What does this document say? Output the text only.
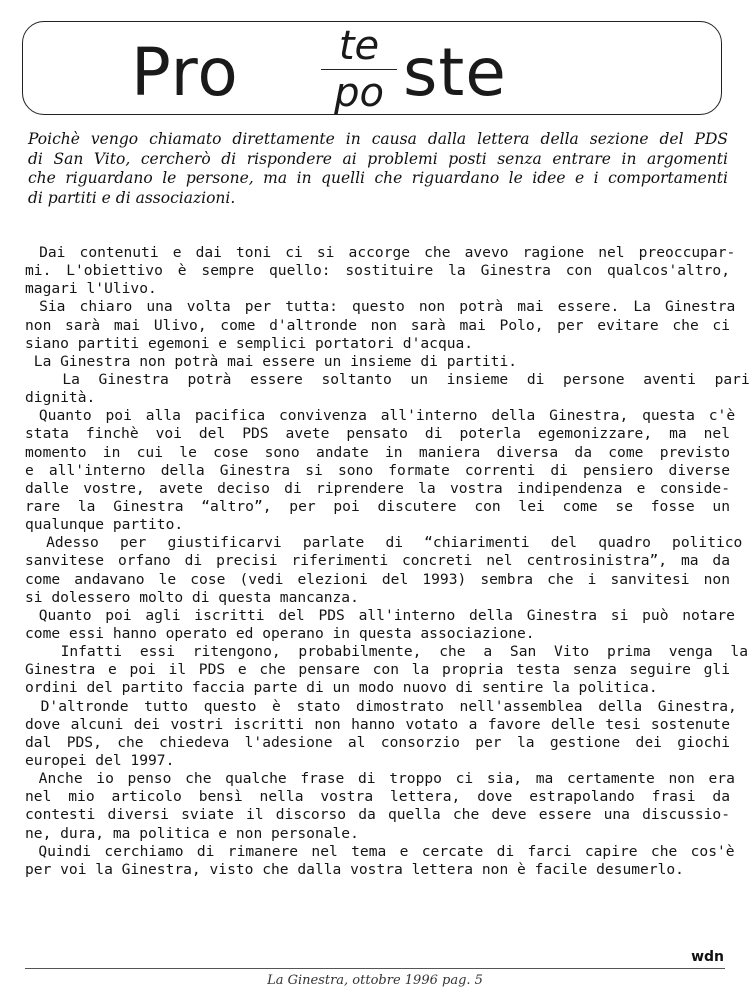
Pro	te
po ste
Poichè vengo chiamato direttamente in causa dalla lettera della sezione del PDS
di San Vito, cercherò di rispondere ai problemi posti senza entrare in argomenti
che riguardano le persone, ma in quelli che riguardano le idee e i comportamenti
di partiti e di associazioni.
Dai contenuti e dai toni ci si accorge che avevo ragione nel preoccupar-
mi. L'obiettivo è sempre quello: sostituire la Ginestra con qualcos'altro,
magari l'Ulivo.
Sia chiaro una volta per tutta: questo non potrà mai essere. La Ginestra
non sarà mai Ulivo, come d'altronde non sarà mai Polo, per evitare che ci
siano partiti egemoni e semplici portatori d'acqua.
La Ginestra non potrà mai essere un insieme di partiti.
La Ginestra potrà essere soltanto un insieme di persone aventi pari
dignità.
Quanto poi alla pacifica convivenza all'interno della Ginestra, questa c'è
stata finchè voi del PDS avete pensato di poterla egemonizzare, ma nel
momento in cui le cose sono andate in maniera diversa da come previsto
e all'interno della Ginestra si sono formate correnti di pensiero diverse
dalle vostre, avete deciso di riprendere la vostra indipendenza e conside-
rare la Ginestra “altro”, per poi discutere con lei come se fosse un
qualunque partito.
Adesso per giustificarvi parlate di “chiarimenti del quadro politico
sanvitese orfano di precisi riferimenti concreti nel centrosinistra”, ma da
come andavano le cose (vedi elezioni del 1993) sembra che i sanvitesi non
si dolessero molto di questa mancanza.
Quanto poi agli iscritti del PDS all'interno della Ginestra si può notare
come essi hanno operato ed operano in questa associazione.
Infatti essi ritengono, probabilmente, che a San Vito prima venga la
Ginestra e poi il PDS e che pensare con la propria testa senza seguire gli
ordini del partito faccia parte di un modo nuovo di sentire la politica.
D'altronde tutto questo è stato dimostrato nell'assemblea della Ginestra,
dove alcuni dei vostri iscritti non hanno votato a favore delle tesi sostenute
dal PDS, che chiedeva l'adesione al consorzio per la gestione dei giochi
europei del 1997.
Anche io penso che qualche frase di troppo ci sia, ma certamente non era
nel mio articolo bensì nella vostra lettera, dove estrapolando frasi da
contesti diversi sviate il discorso da quella che deve essere una discussio-
ne, dura, ma politica e non personale.
Quindi cerchiamo di rimanere nel tema e cercate di farci capire che cos'è
per voi la Ginestra, visto che dalla vostra lettera non è facile desumerlo.
wdn
La Ginestra, ottobre 1996 pag. 5
